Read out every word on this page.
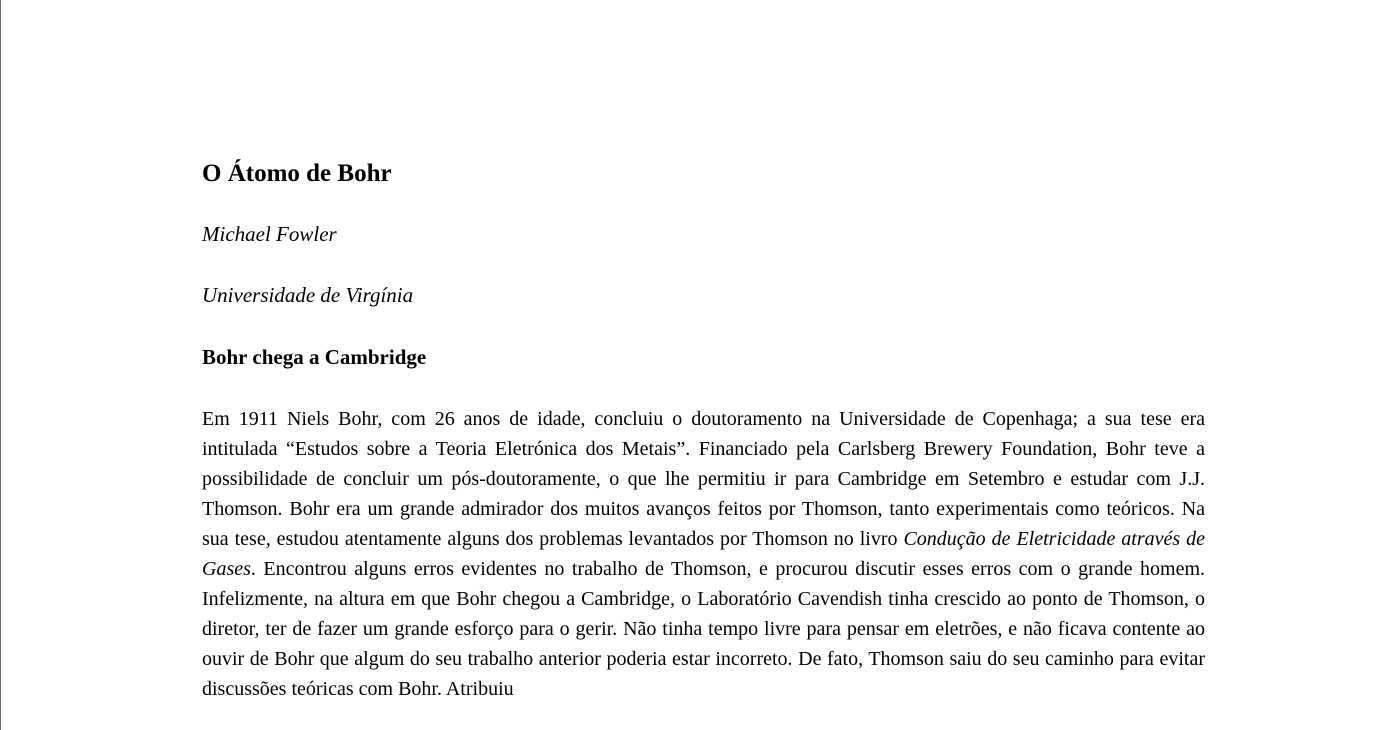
O Átomo de Bohr

Michael Fowler

Universidade de Virgínia

Bohr chega a Cambridge

Em 1911 Niels Bohr, com 26 anos de idade, concluiu o doutoramento na Universidade de Copenhaga; a sua tese era intitulada “Estudos sobre a Teoria Eletrónica dos Metais”. Financiado pela Carlsberg Brewery Foundation, Bohr teve a possibilidade de concluir um pós-doutoramente, o que lhe permitiu ir para Cambridge em Setembro e estudar com J.J. Thomson. Bohr era um grande admirador dos muitos avanços feitos por Thomson, tanto experimentais como teóricos. Na sua tese, estudou atentamente alguns dos problemas levantados por Thomson no livro Condução de Eletricidade através de Gases. Encontrou alguns erros evidentes no trabalho de Thomson, e procurou discutir esses erros com o grande homem. Infelizmente, na altura em que Bohr chegou a Cambridge, o Laboratório Cavendish tinha crescido ao ponto de Thomson, o diretor, ter de fazer um grande esforço para o gerir. Não tinha tempo livre para pensar em eletrões, e não ficava contente ao ouvir de Bohr que algum do seu trabalho anterior poderia estar incorreto. De fato, Thomson saiu do seu caminho para evitar discussões teóricas com Bohr. Atribuiu
